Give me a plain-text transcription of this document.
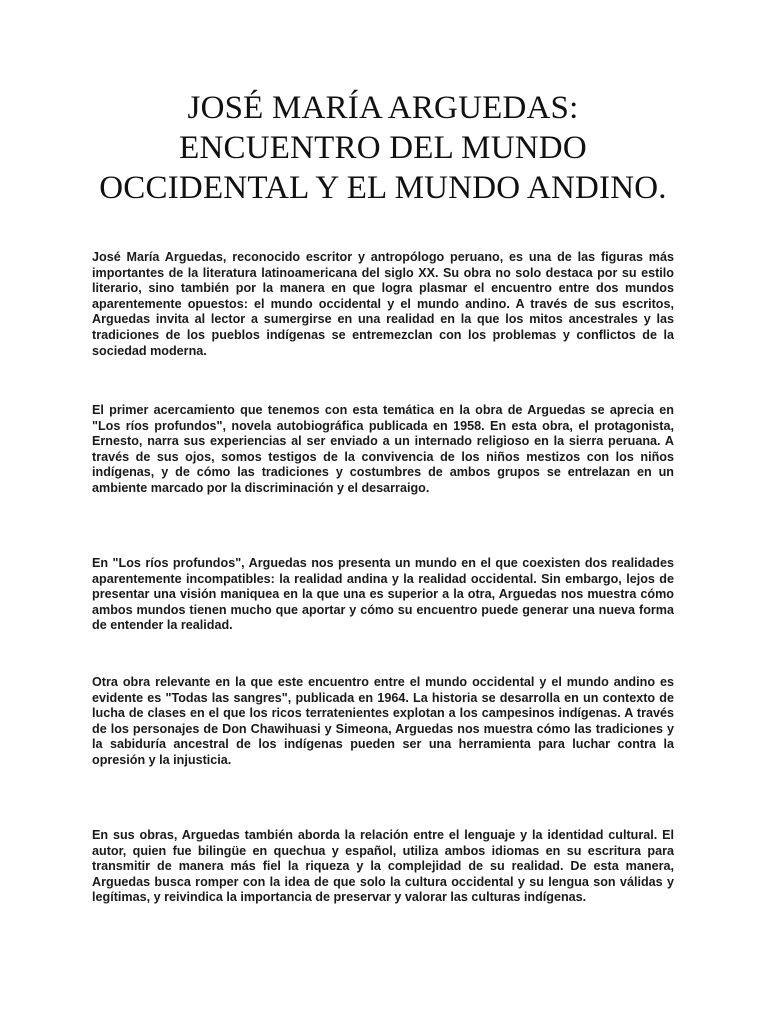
JOSÉ MARÍA ARGUEDAS: ENCUENTRO DEL MUNDO OCCIDENTAL Y EL MUNDO ANDINO.

José María Arguedas, reconocido escritor y antropólogo peruano, es una de las figuras más importantes de la literatura latinoamericana del siglo XX. Su obra no solo destaca por su estilo literario, sino también por la manera en que logra plasmar el encuentro entre dos mundos aparentemente opuestos: el mundo occidental y el mundo andino. A través de sus escritos, Arguedas invita al lector a sumergirse en una realidad en la que los mitos ancestrales y las tradiciones de los pueblos indígenas se entremezclan con los problemas y conflictos de la sociedad moderna.

El primer acercamiento que tenemos con esta temática en la obra de Arguedas se aprecia en "Los ríos profundos", novela autobiográfica publicada en 1958. En esta obra, el protagonista, Ernesto, narra sus experiencias al ser enviado a un internado religioso en la sierra peruana. A través de sus ojos, somos testigos de la convivencia de los niños mestizos con los niños indígenas, y de cómo las tradiciones y costumbres de ambos grupos se entrelazan en un ambiente marcado por la discriminación y el desarraigo.

En "Los ríos profundos", Arguedas nos presenta un mundo en el que coexisten dos realidades aparentemente incompatibles: la realidad andina y la realidad occidental. Sin embargo, lejos de presentar una visión maniquea en la que una es superior a la otra, Arguedas nos muestra cómo ambos mundos tienen mucho que aportar y cómo su encuentro puede generar una nueva forma de entender la realidad.

Otra obra relevante en la que este encuentro entre el mundo occidental y el mundo andino es evidente es "Todas las sangres", publicada en 1964. La historia se desarrolla en un contexto de lucha de clases en el que los ricos terratenientes explotan a los campesinos indígenas. A través de los personajes de Don Chawihuasi y Simeona, Arguedas nos muestra cómo las tradiciones y la sabiduría ancestral de los indígenas pueden ser una herramienta para luchar contra la opresión y la injusticia.

En sus obras, Arguedas también aborda la relación entre el lenguaje y la identidad cultural. El autor, quien fue bilingüe en quechua y español, utiliza ambos idiomas en su escritura para transmitir de manera más fiel la riqueza y la complejidad de su realidad. De esta manera, Arguedas busca romper con la idea de que solo la cultura occidental y su lengua son válidas y legítimas, y reivindica la importancia de preservar y valorar las culturas indígenas.
